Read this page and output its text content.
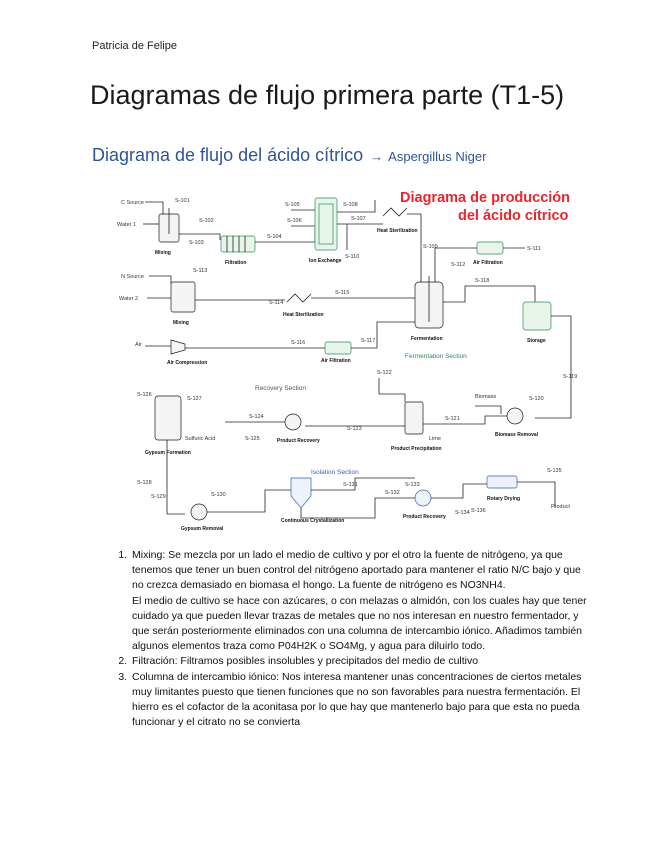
Patricia de Felipe
Diagramas de flujo primera parte (T1-5)
Diagrama de flujo del ácido cítrico → Aspergillus Niger
Diagrama de producción
del ácido cítrico
C Source
Water 1
Mixing
S-101
S-102
S-103
Filtration
S-104
S-105
S-106
Ion Exchange
S-107
S-108
Heat Sterilization
S-109
S-110
Air Filtration
S-111
S-112
N Source
Water 2
Mixing
S-113
S-114
Heat Sterilization
S-115
Fermentation
Fermentation Section
Air
Air Compression
S-116
Air Filtration
S-117
S-118
Storage
S-119
Recovery Section
Biomass
Biomass Removal
S-120
S-121
Lime
Product Precipitation
S-122
S-123
Product Recovery
S-124
S-125
Sulfuric Acid
Gypsum Formation
S-126
S-127
S-128
Isolation Section
Gypsum Removal
S-129	S-130
Continuous Crystallization
S-131
S-132
Product Recovery
S-133
S-134
Rotary Drying
S-135
Product
S-136

1. Mixing: Se mezcla por un lado el medio de cultivo y por el otro la fuente de nitrógeno, ya que tenemos que tener un buen control del nitrógeno aportado para mantener el ratio N/C bajo y que no crezca demasiado en biomasa el hongo. La fuente de nitrógeno es NO3NH4.

El medio de cultivo se hace con azúcares, o con melazas o almidón, con los cuales hay que tener cuidado ya que pueden llevar trazas de metales que no nos interesan en nuestro fermentador, y que serán posteriormente eliminados con una columna de intercambio iónico. Añadimos también algunos elementos traza como P04H2K o SO4Mg, y agua para diluirlo todo.

2. Filtración: Filtramos posibles insolubles y precipitados del medio de cultivo

3. Columna de intercambio iónico: Nos interesa mantener unas concentraciones de ciertos metales muy limitantes puesto que tienen funciones que no son favorables para nuestra fermentación. El hierro es el cofactor de la aconitasa por lo que hay que mantenerlo bajo para que esta no pueda funcionar y el citrato no se convierta
